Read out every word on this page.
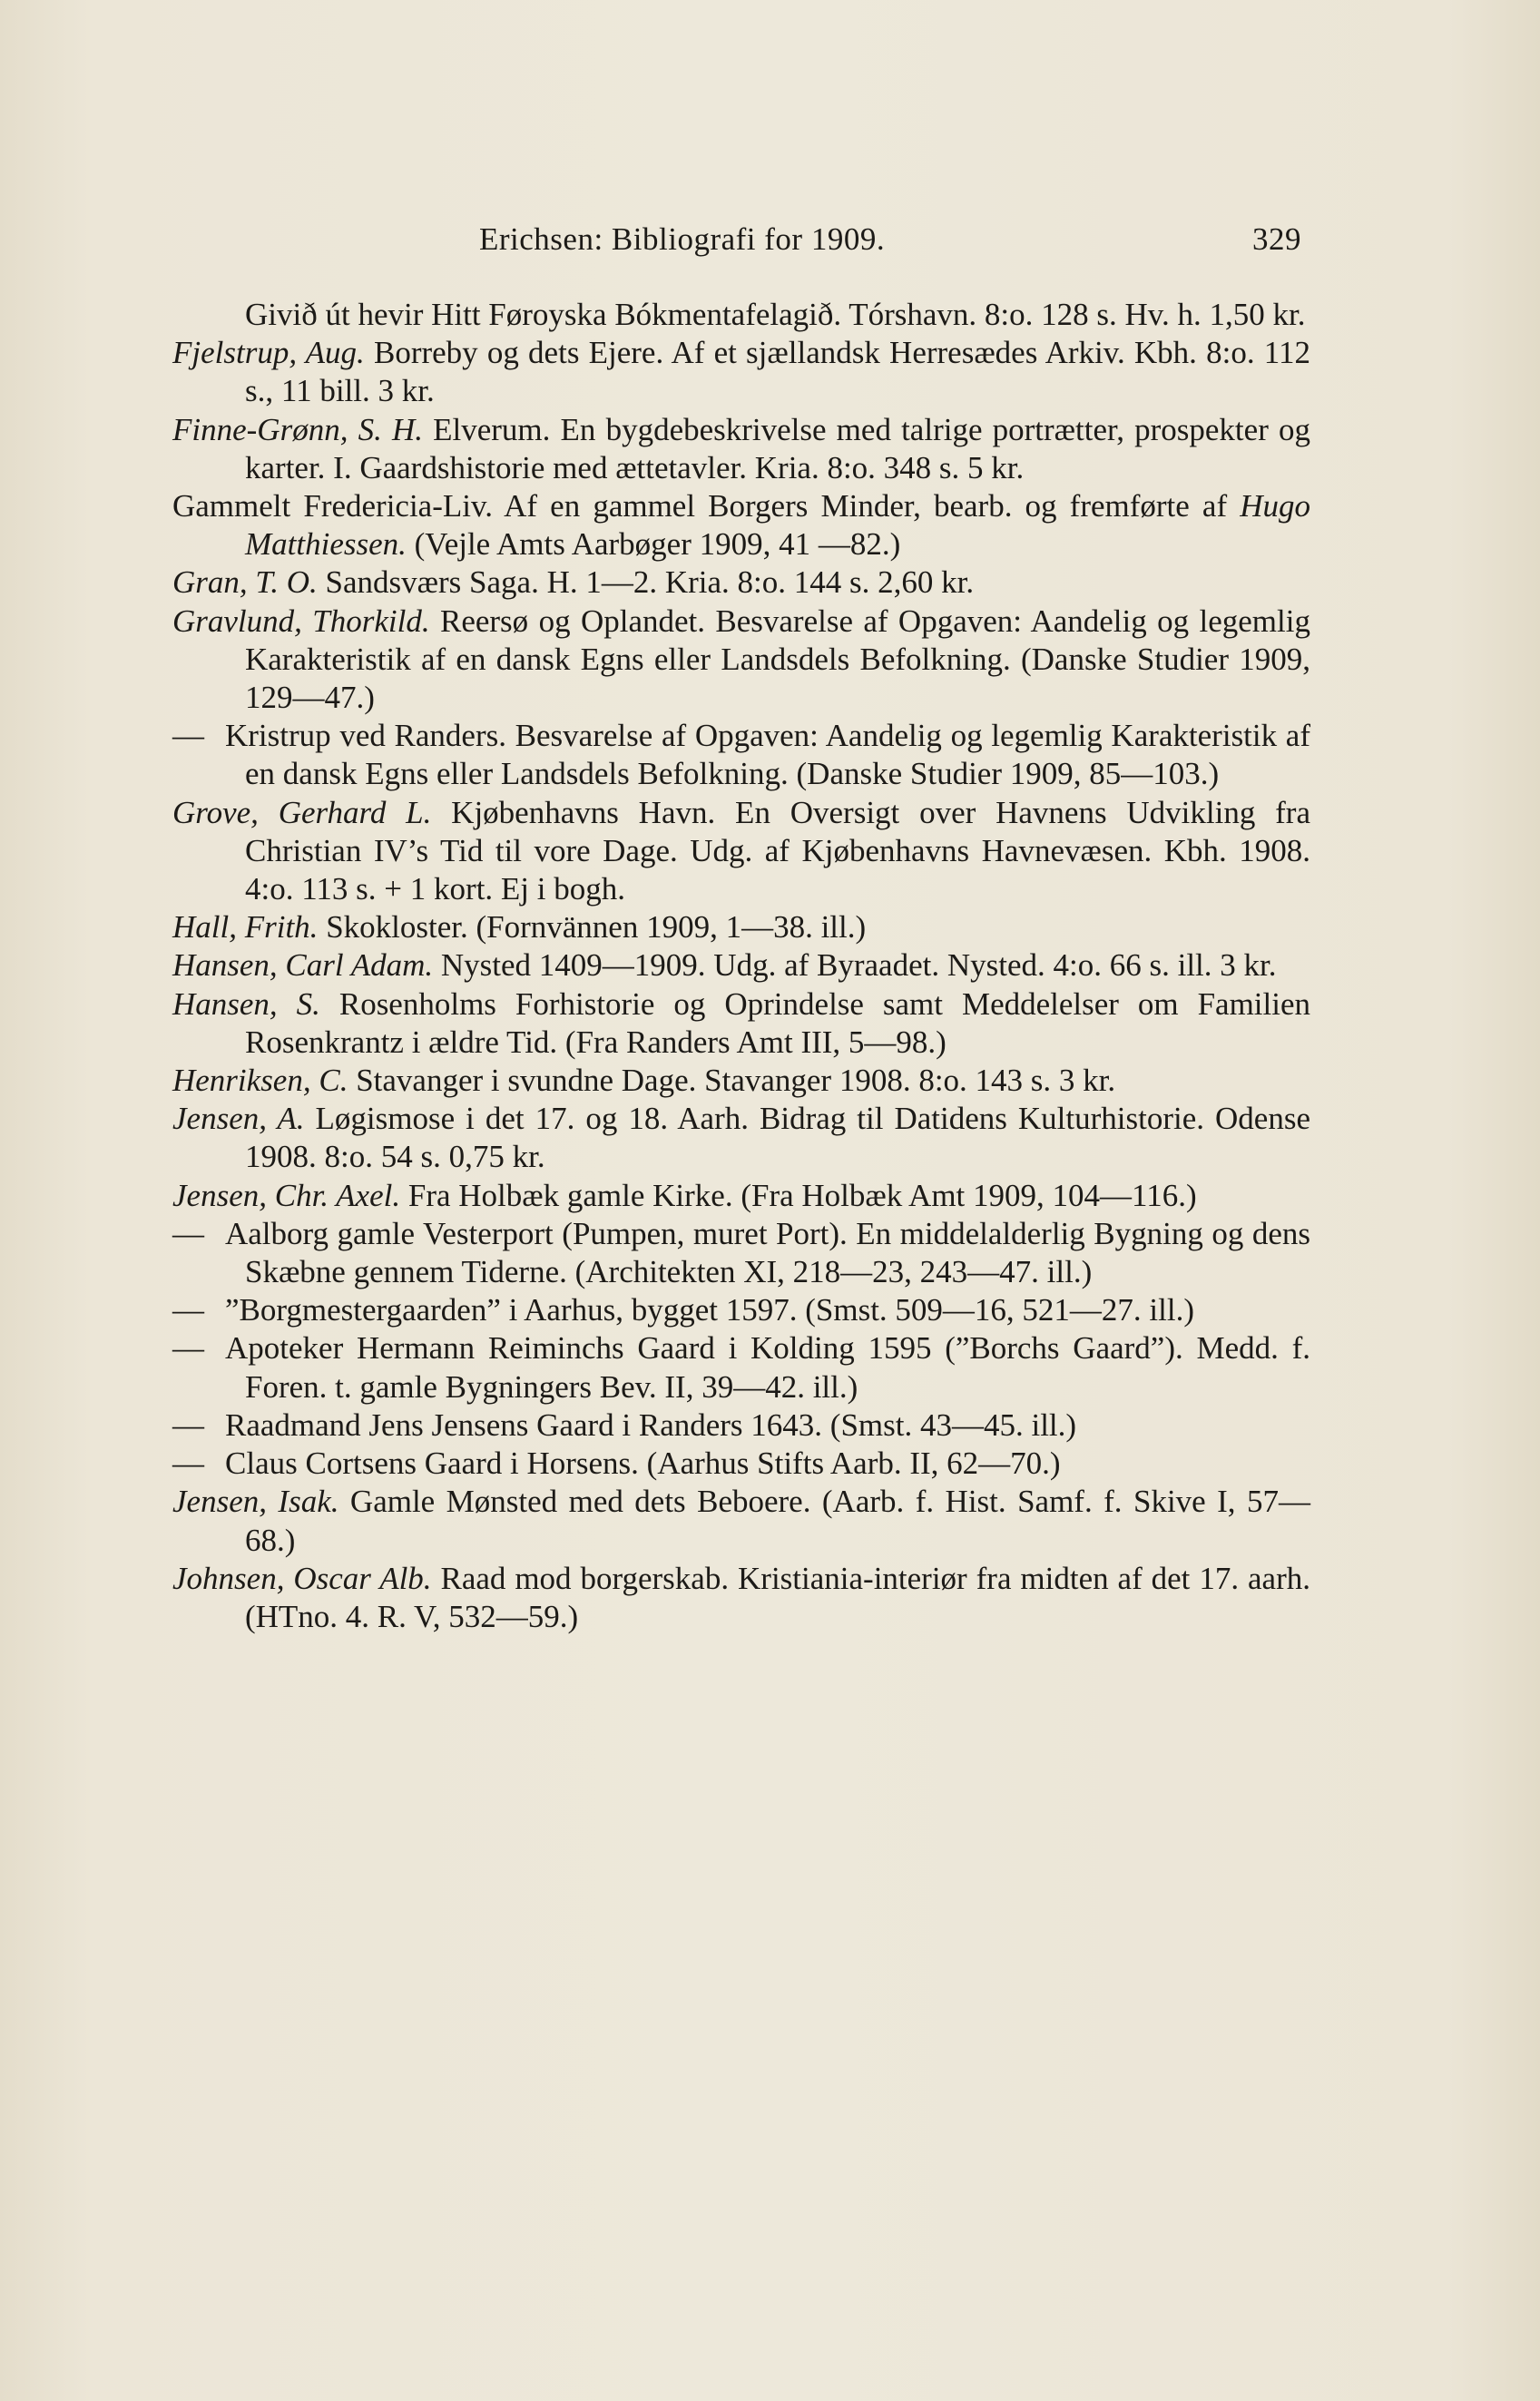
Erichsen: Bibliografi for 1909.	329
Givið út hevir Hitt Føroyska Bókmentafelagið. Tórshavn. 8:o. 128 s. Hv. h. 1,50 kr.
Fjelstrup, Aug. Borreby og dets Ejere. Af et sjællandsk Herresædes Arkiv. Kbh. 8:o. 112 s., 11 bill. 3 kr.
Finne-Grønn, S. H. Elverum. En bygdebeskrivelse med talrige portrætter, prospekter og karter. I. Gaardshistorie med ættetavler. Kria. 8:o. 348 s. 5 kr.
Gammelt Fredericia-Liv. Af en gammel Borgers Minder, bearb. og fremførte af Hugo Matthiessen. (Vejle Amts Aarbøger 1909, 41 —82.)
Gran, T. O. Sandsværs Saga. H. 1—2. Kria. 8:o. 144 s. 2,60 kr.
Gravlund, Thorkild. Reersø og Oplandet. Besvarelse af Opgaven: Aandelig og legemlig Karakteristik af en dansk Egns eller Landsdels Befolkning. (Danske Studier 1909, 129—47.)
— Kristrup ved Randers. Besvarelse af Opgaven: Aandelig og legemlig Karakteristik af en dansk Egns eller Landsdels Befolkning. (Danske Studier 1909, 85—103.)
Grove, Gerhard L. Kjøbenhavns Havn. En Oversigt over Havnens Udvikling fra Christian IV’s Tid til vore Dage. Udg. af Kjøbenhavns Havnevæsen. Kbh. 1908. 4:o. 113 s. + 1 kort. Ej i bogh.
Hall, Frith. Skokloster. (Fornvännen 1909, 1—38. ill.)
Hansen, Carl Adam. Nysted 1409—1909. Udg. af Byraadet. Nysted. 4:o. 66 s. ill. 3 kr.
Hansen, S. Rosenholms Forhistorie og Oprindelse samt Meddelelser om Familien Rosenkrantz i ældre Tid. (Fra Randers Amt III, 5—98.)
Henriksen, C. Stavanger i svundne Dage. Stavanger 1908. 8:o. 143 s. 3 kr.
Jensen, A. Løgismose i det 17. og 18. Aarh. Bidrag til Datidens Kulturhistorie. Odense 1908. 8:o. 54 s. 0,75 kr.
Jensen, Chr. Axel. Fra Holbæk gamle Kirke. (Fra Holbæk Amt 1909, 104—116.)
— Aalborg gamle Vesterport (Pumpen, muret Port). En middelalderlig Bygning og dens Skæbne gennem Tiderne. (Architekten XI, 218—23, 243—47. ill.)
— ”Borgmestergaarden” i Aarhus, bygget 1597. (Smst. 509—16, 521—27. ill.)
— Apoteker Hermann Reiminchs Gaard i Kolding 1595 (”Borchs Gaard”). Medd. f. Foren. t. gamle Bygningers Bev. II, 39—42. ill.)
— Raadmand Jens Jensens Gaard i Randers 1643. (Smst. 43—45. ill.)
— Claus Cortsens Gaard i Horsens. (Aarhus Stifts Aarb. II, 62—70.)
Jensen, Isak. Gamle Mønsted med dets Beboere. (Aarb. f. Hist. Samf. f. Skive I, 57—68.)
Johnsen, Oscar Alb. Raad mod borgerskab. Kristiania-interiør fra midten af det 17. aarh. (HTno. 4. R. V, 532—59.)
